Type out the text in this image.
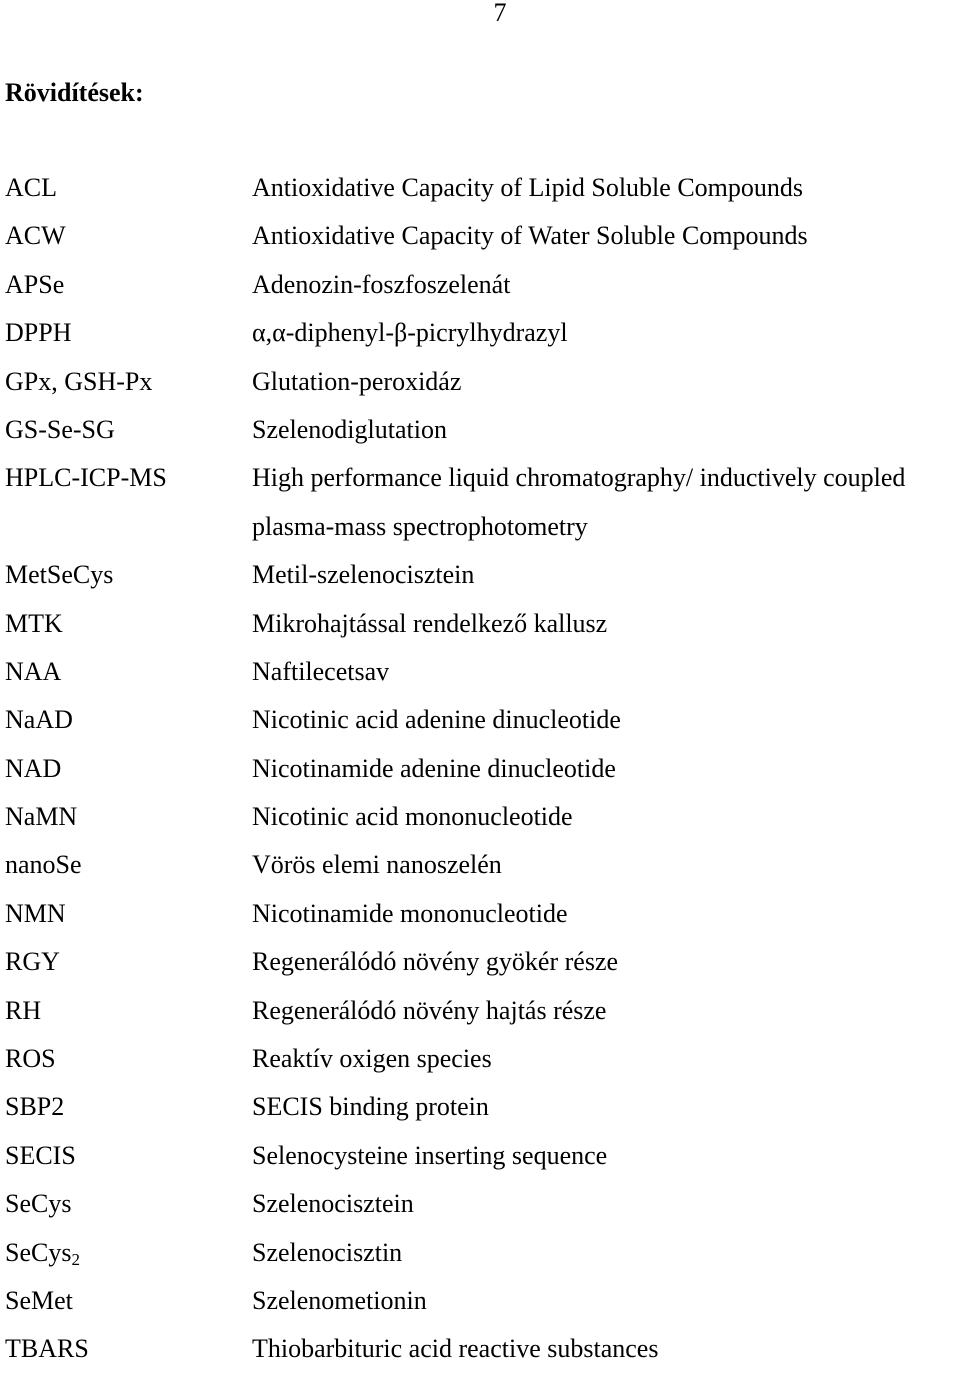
7
Rövidítések:
ACL	Antioxidative Capacity of Lipid Soluble Compounds
ACW	Antioxidative Capacity of Water Soluble Compounds
APSe	Adenozin-foszfoszelenát
DPPH	α,α-diphenyl-β-picrylhydrazyl
GPx, GSH-Px	Glutation-peroxidáz
GS-Se-SG	Szelenodiglutation
HPLC-ICP-MS	High performance liquid chromatography/ inductively coupled plasma-mass spectrophotometry
MetSeCys	Metil-szelenocisztein
MTK	Mikrohajtással rendelkező kallusz
NAA	Naftilecetsav
NaAD	Nicotinic acid adenine dinucleotide
NAD	Nicotinamide adenine dinucleotide
NaMN	Nicotinic acid mononucleotide
nanoSe	Vörös elemi nanoszelén
NMN	Nicotinamide mononucleotide
RGY	Regenerálódó növény gyökér része
RH	Regenerálódó növény hajtás része
ROS	Reaktív oxigen species
SBP2	SECIS binding protein
SECIS	Selenocysteine inserting sequence
SeCys	Szelenocisztein
SeCys$_2$	Szelenocisztin
SeMet	Szelenometionin
TBARS	Thiobarbituric acid reactive substances
